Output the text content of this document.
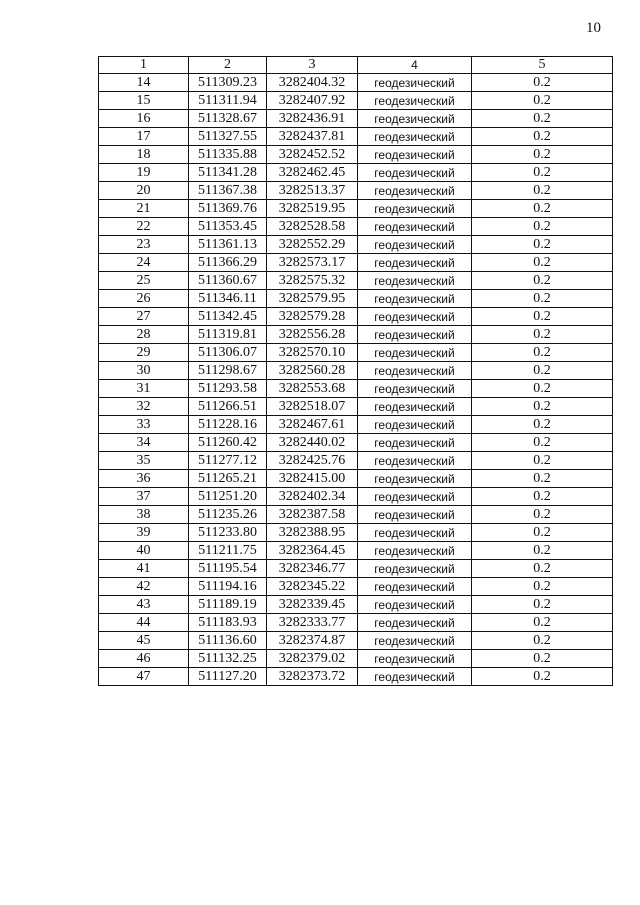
10
1	2	3	4	5
14	511309.23	3282404.32	геодезический	0.2
15	511311.94	3282407.92	геодезический	0.2
16	511328.67	3282436.91	геодезический	0.2
17	511327.55	3282437.81	геодезический	0.2
18	511335.88	3282452.52	геодезический	0.2
19	511341.28	3282462.45	геодезический	0.2
20	511367.38	3282513.37	геодезический	0.2
21	511369.76	3282519.95	геодезический	0.2
22	511353.45	3282528.58	геодезический	0.2
23	511361.13	3282552.29	геодезический	0.2
24	511366.29	3282573.17	геодезический	0.2
25	511360.67	3282575.32	геодезический	0.2
26	511346.11	3282579.95	геодезический	0.2
27	511342.45	3282579.28	геодезический	0.2
28	511319.81	3282556.28	геодезический	0.2
29	511306.07	3282570.10	геодезический	0.2
30	511298.67	3282560.28	геодезический	0.2
31	511293.58	3282553.68	геодезический	0.2
32	511266.51	3282518.07	геодезический	0.2
33	511228.16	3282467.61	геодезический	0.2
34	511260.42	3282440.02	геодезический	0.2
35	511277.12	3282425.76	геодезический	0.2
36	511265.21	3282415.00	геодезический	0.2
37	511251.20	3282402.34	геодезический	0.2
38	511235.26	3282387.58	геодезический	0.2
39	511233.80	3282388.95	геодезический	0.2
40	511211.75	3282364.45	геодезический	0.2
41	511195.54	3282346.77	геодезический	0.2
42	511194.16	3282345.22	геодезический	0.2
43	511189.19	3282339.45	геодезический	0.2
44	511183.93	3282333.77	геодезический	0.2
45	511136.60	3282374.87	геодезический	0.2
46	511132.25	3282379.02	геодезический	0.2
47	511127.20	3282373.72	геодезический	0.2
